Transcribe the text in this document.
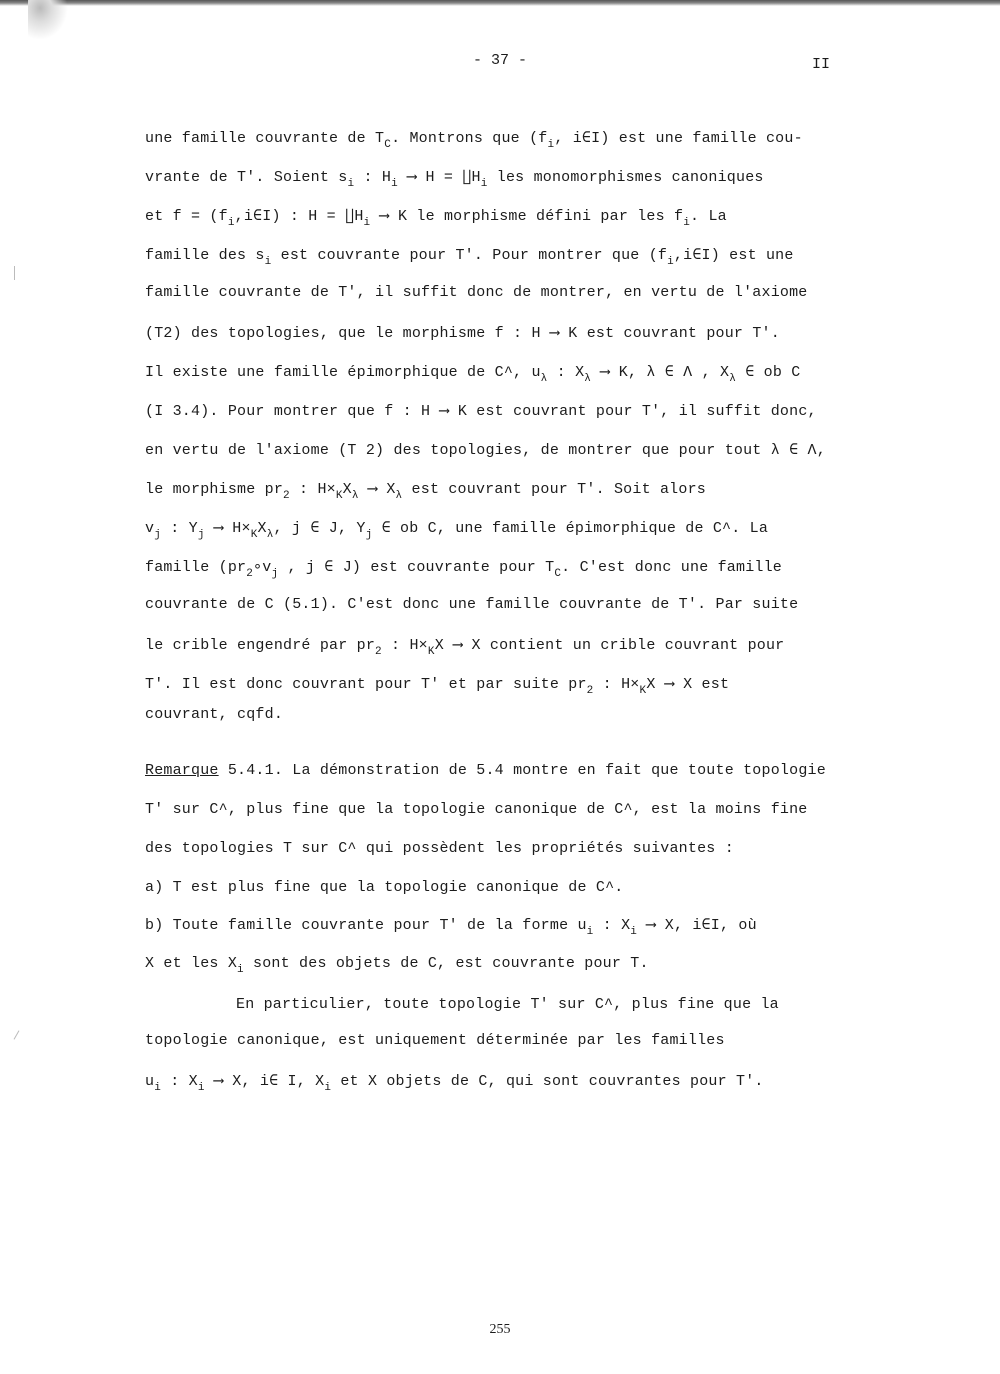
- 37 -	II
une famille couvrante de $T_C$. Montrons que ($f_i$, i∈I) est une famille cou-
vrante de T'. Soient $s_i$ : $H_i$ ⟶ $H = ∐H_i$ les monomorphismes canoniques
et $f = (f_i,i\in I)$ : $H = ∐H_i$ ⟶ K le morphisme défini par les $f_i$. La
famille des $s_i$ est couvrante pour T'. Pour montrer que $(f_i,i\in I)$ est une
famille couvrante de T', il suffit donc de montrer, en vertu de l'axiome
(T2) des topologies, que le morphisme f : H ⟶ K est couvrant pour T'.
Il existe une famille épimorphique de C^, $u_\lambda$ : $X_\lambda$ ⟶ K, λ ∈ Λ , $X_\lambda$ ∈ ob C
(I 3.4). Pour montrer que f : H ⟶ K est couvrant pour T', il suffit donc,
en vertu de l'axiome (T 2) des topologies, de montrer que pour tout λ ∈ Λ,
le morphisme $pr_2$ : $H\times_KX_\lambda$ ⟶ $X_\lambda$ est couvrant pour T'. Soit alors
$v_j$ : $Y_j$ ⟶ $H\times_KX_\lambda$, j ∈ J, $Y_j$ ∈ ob C, une famille épimorphique de C^. La
famille ($pr_2\circ v_j$ , j ∈ J) est couvrante pour $T_C$. C'est donc une famille
couvrante de C (5.1). C'est donc une famille couvrante de T'. Par suite
le crible engendré par $pr_2$ : $H\times_KX$ ⟶ X contient un crible couvrant pour
T'. Il est donc couvrant pour T' et par suite $pr_2$ : $H\times_KX$ ⟶ X est
couvrant, cqfd.
Remarque 5.4.1. La démonstration de 5.4 montre en fait que toute topologie
T' sur C^, plus fine que la topologie canonique de C^, est la moins fine
des topologies T sur C^ qui possèdent les propriétés suivantes :
a) T est plus fine que la topologie canonique de C^.
b) Toute famille couvrante pour T' de la forme $u_i$ : $X_i$ ⟶ X, i∈I, où
X et les $X_i$ sont des objets de C, est couvrante pour T.
En particulier, toute topologie T' sur C^, plus fine que la
topologie canonique, est uniquement déterminée par les familles
$u_i$ : $X_i$ ⟶ X, i∈ I, $X_i$ et X objets de C, qui sont couvrantes pour T'.
255
